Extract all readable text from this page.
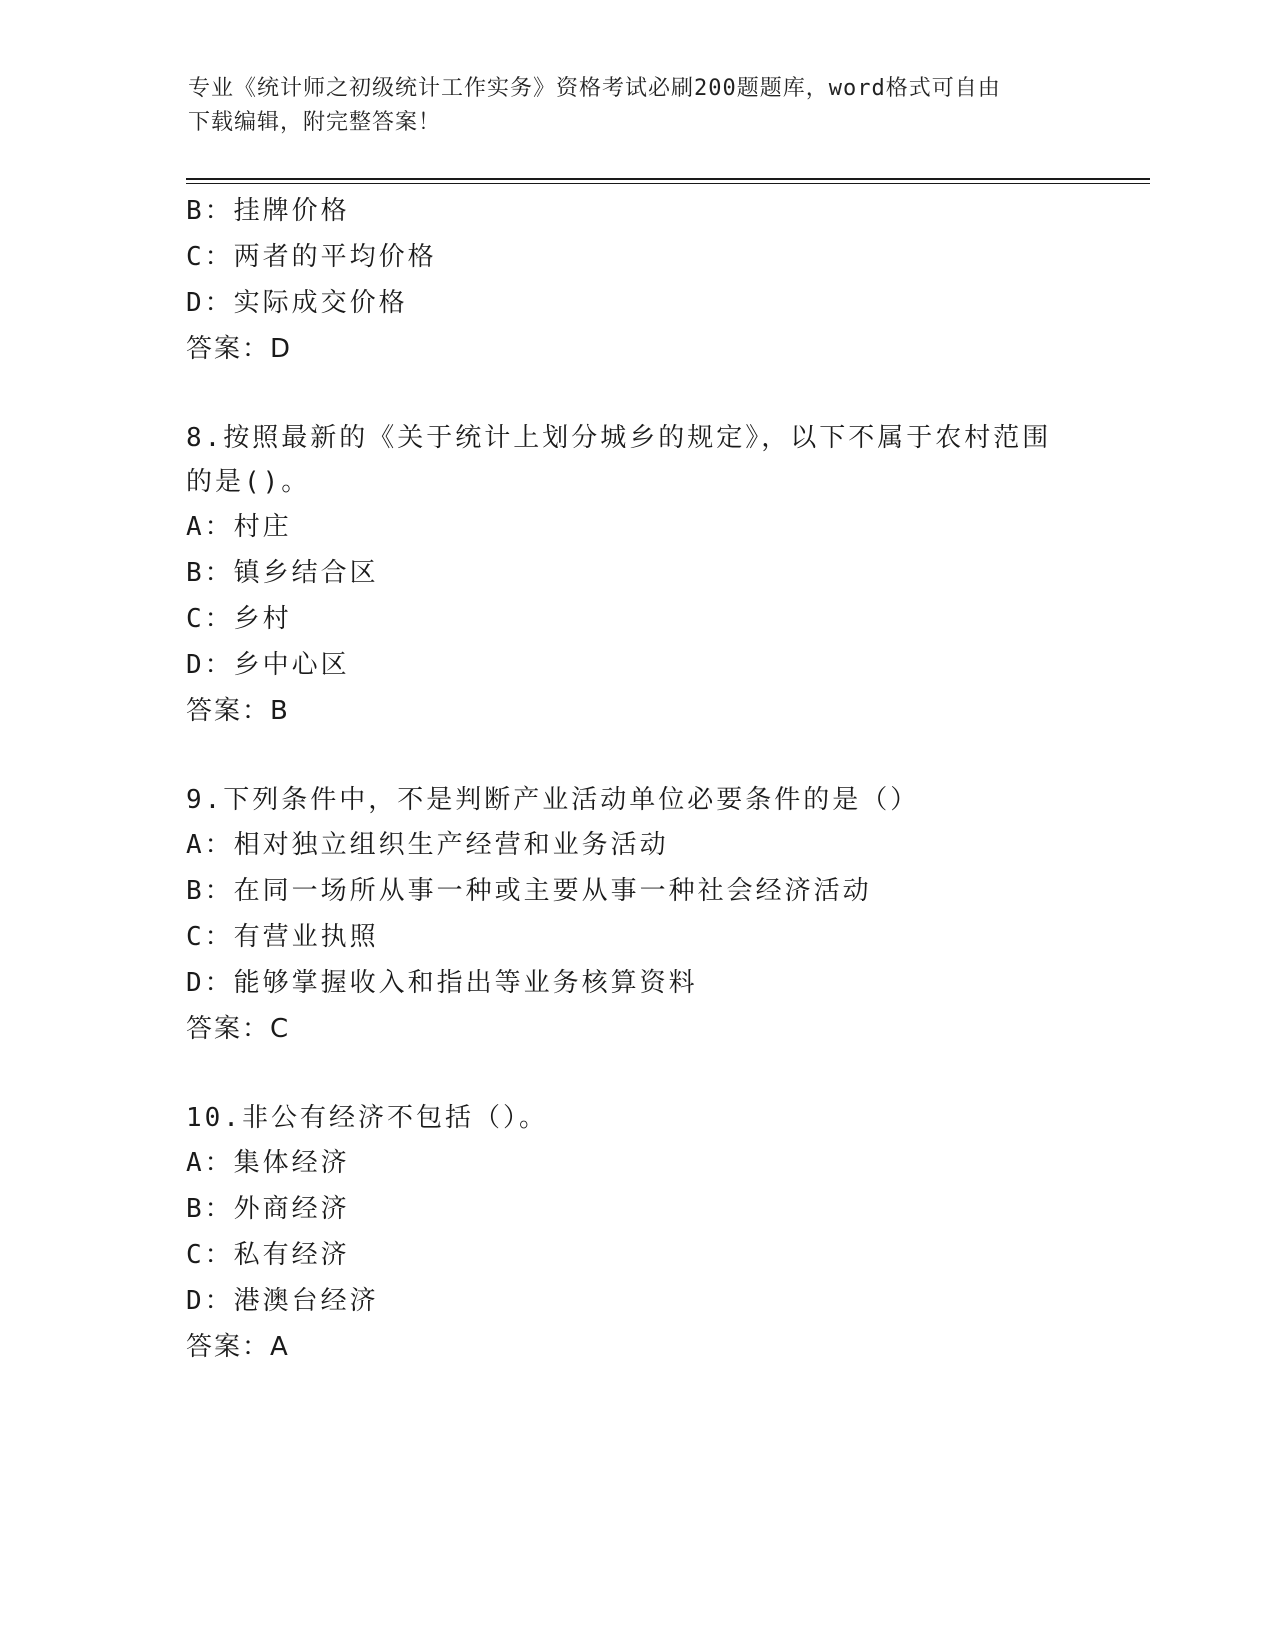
专业《统计师之初级统计工作实务》资格考试必刷200题题库，word格式可自由
下载编辑，附完整答案！
B：挂牌价格
C：两者的平均价格
D：实际成交价格
答案：D
8.按照最新的《关于统计上划分城乡的规定》，以下不属于农村范围
的是()。
A：村庄
B：镇乡结合区
C：乡村
D：乡中心区
答案：B
9.下列条件中，不是判断产业活动单位必要条件的是（）
A：相对独立组织生产经营和业务活动
B：在同一场所从事一种或主要从事一种社会经济活动
C：有营业执照
D：能够掌握收入和指出等业务核算资料
答案：C
10.非公有经济不包括（）。
A：集体经济
B：外商经济
C：私有经济
D：港澳台经济
答案：A
